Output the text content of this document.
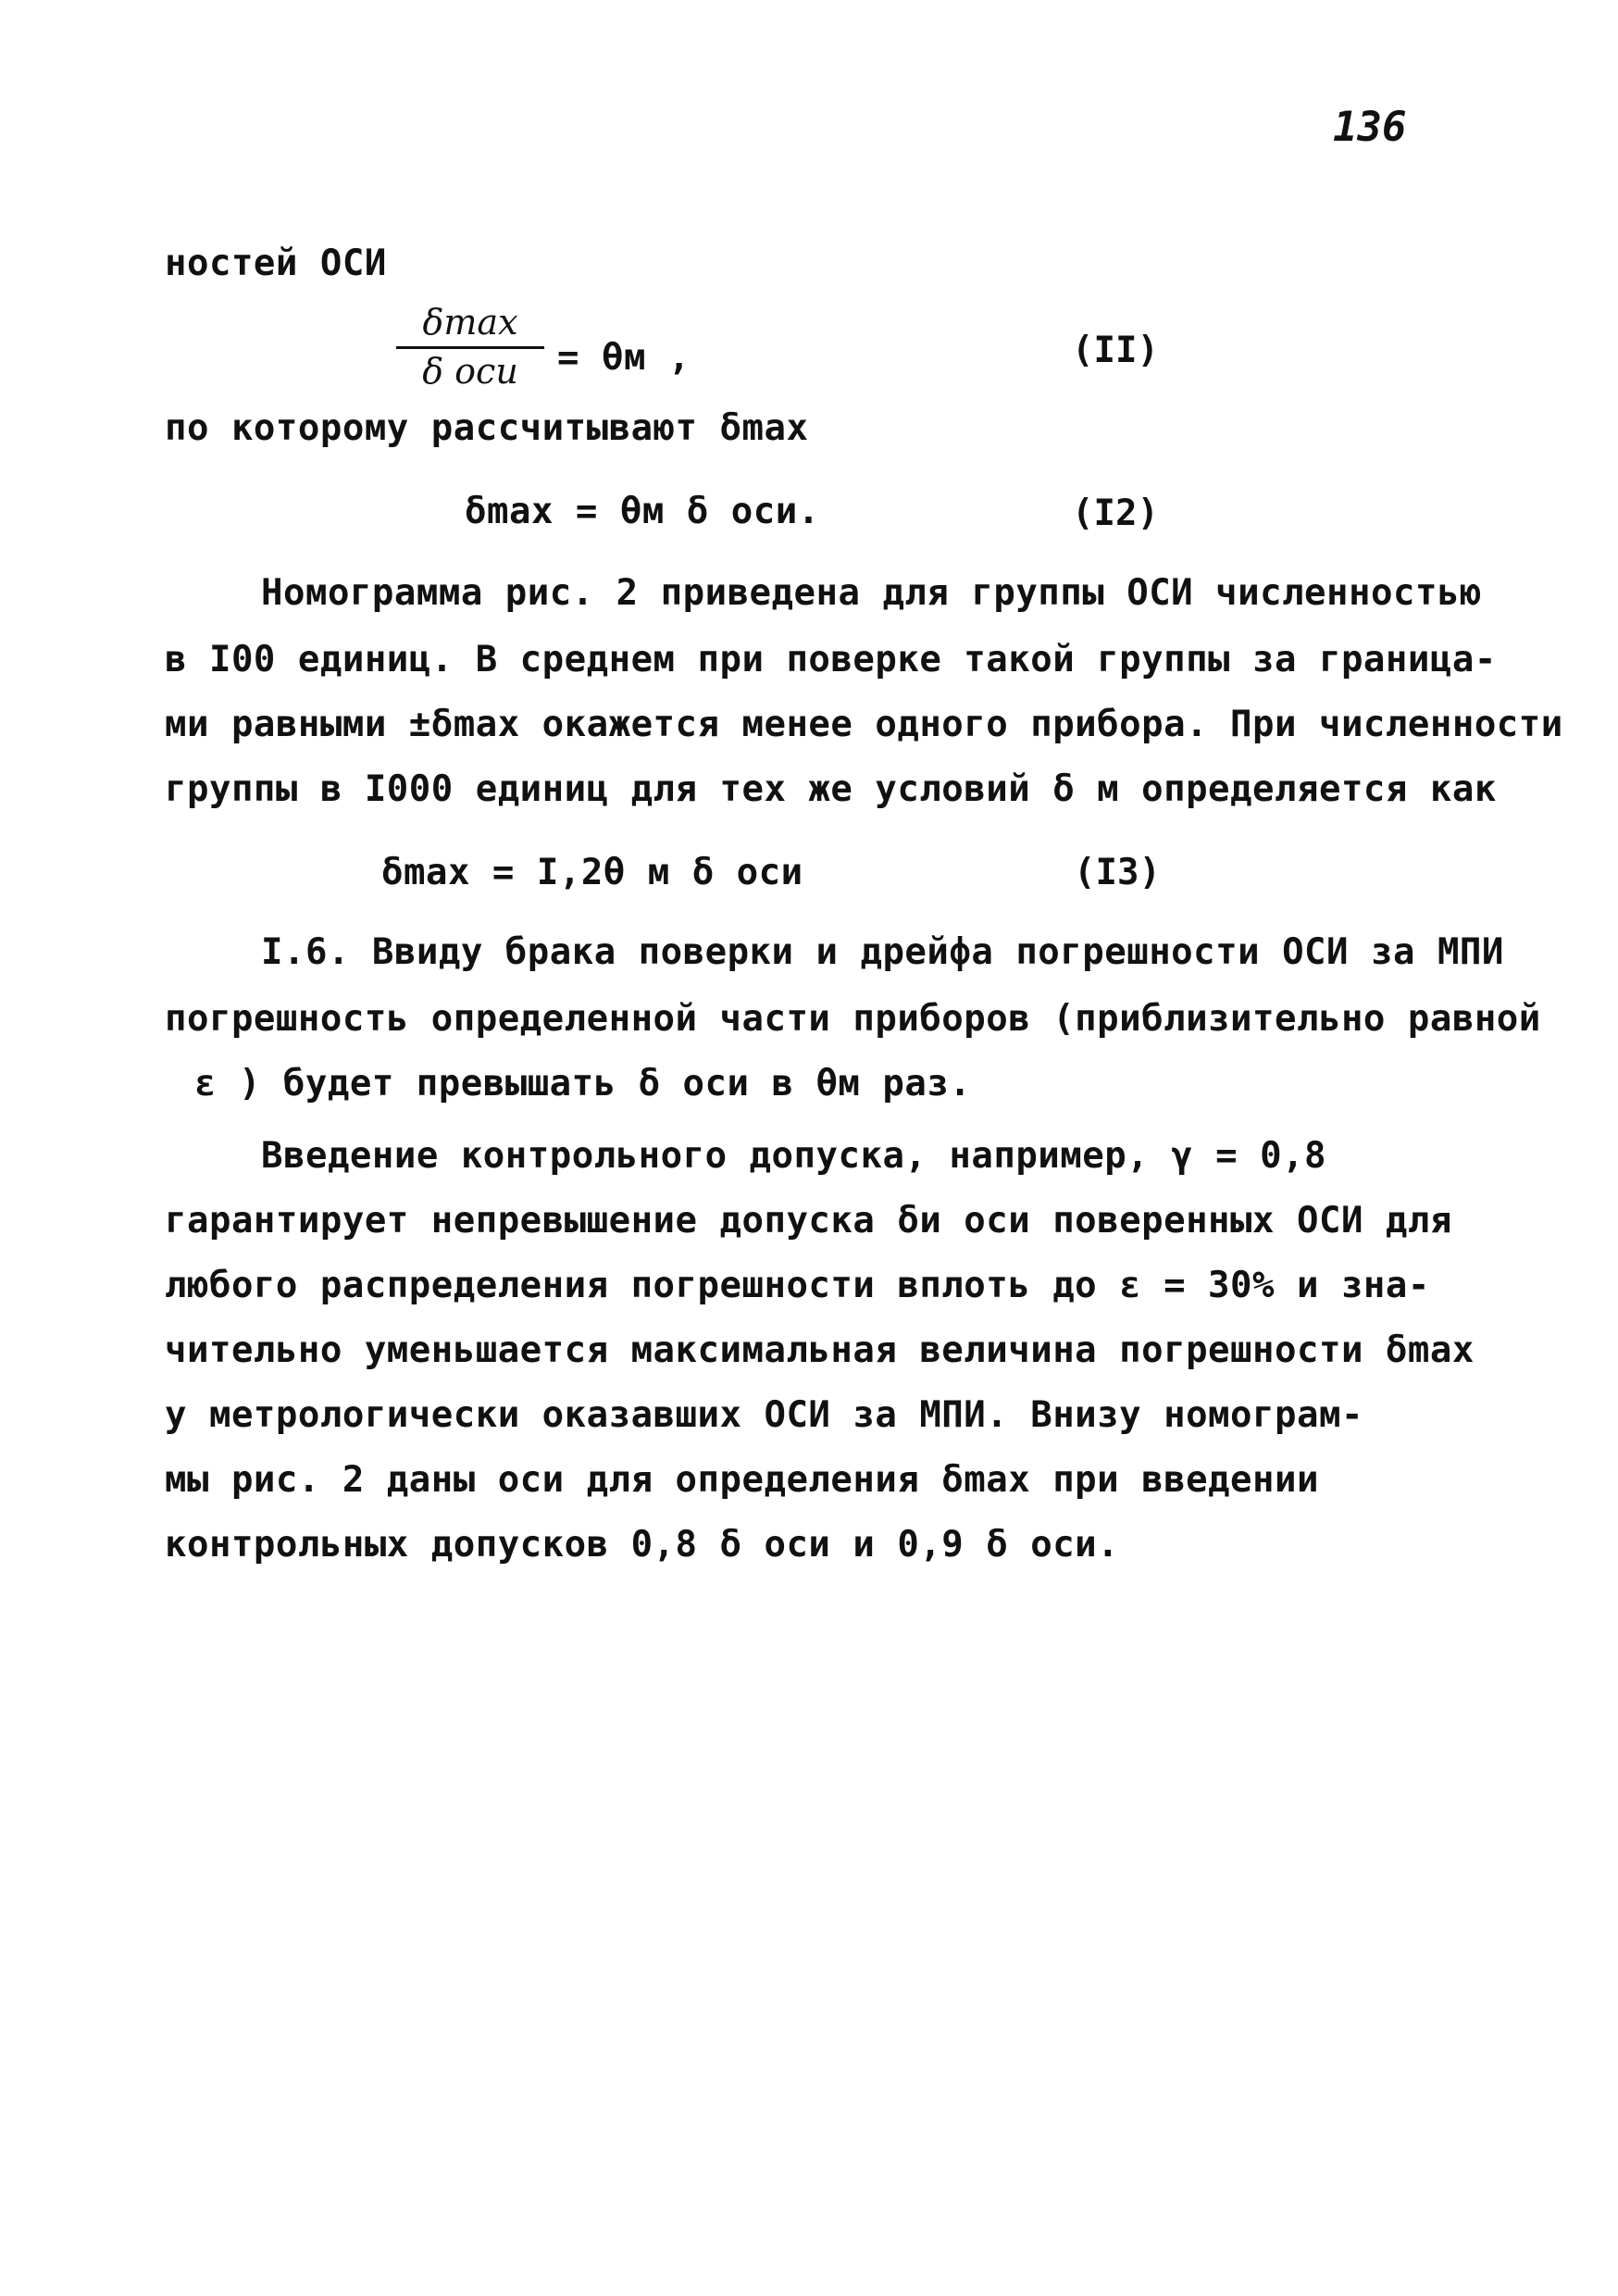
136
ностей ОСИ
δmax
δ оси	= θм ,	(II)
по которому рассчитывают δmax
δmax = θм δ оси.	(I2)
Номограмма рис. 2 приведена для группы ОСИ численностью
в I00 единиц. В среднем при поверке такой группы за граница-
ми равными ±δmax окажется менее одного прибора. При численности
группы в I000 единиц для тех же условий δ м определяется как
δmax = I,2θ м δ оси	(I3)
I.6. Ввиду брака поверки и дрейфа погрешности ОСИ за МПИ
погрешность определенной части приборов (приблизительно равной
ε ) будет превышать δ оси в θм раз.
Введение контрольного допуска, например, γ = 0,8
гарантирует непревышение допуска δи оси поверенных ОСИ для
любого распределения погрешности вплоть до ε = 30% и зна-
чительно уменьшается максимальная величина погрешности δmax
у метрологически оказавших ОСИ за МПИ. Внизу номограм-
мы рис. 2 даны оси для определения δmax при введении
контрольных допусков 0,8 δ оси и 0,9 δ оси.
